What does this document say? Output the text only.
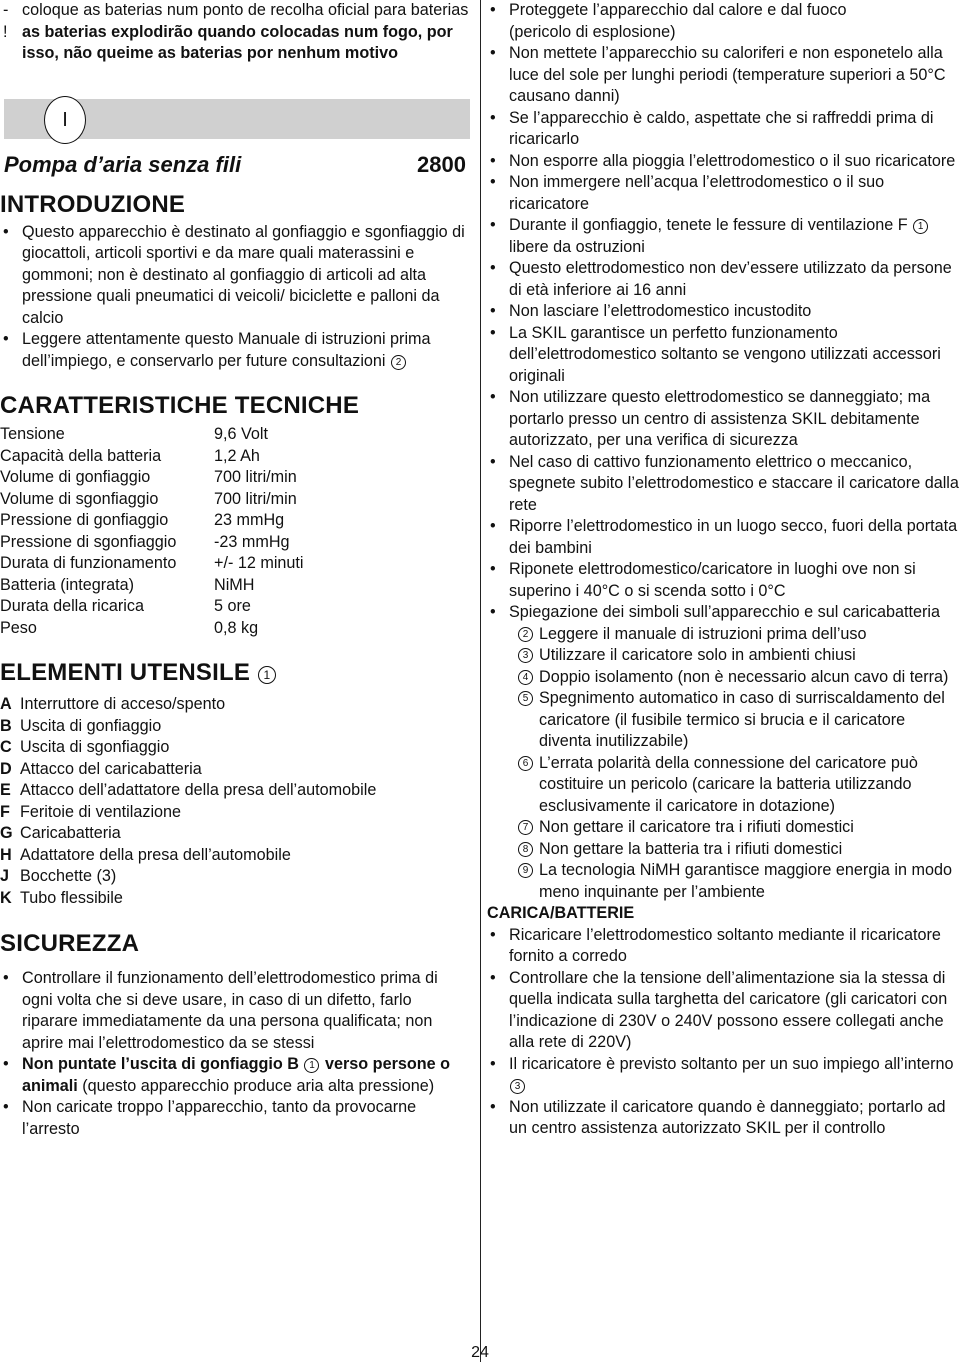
- coloque as baterias num ponto de recolha oficial para baterias
! as baterias explodirão quando colocadas num fogo, por isso, não queime as baterias por nenhum motivo
I
Pompa d’aria senza fili	2800
INTRODUZIONE
• Questo apparecchio è destinato al gonfiaggio e sgonfiaggio di giocattoli, articoli sportivi e da mare quali materassini e gommoni; non è destinato al gonfiaggio di articoli ad alta pressione quali pneumatici di veicoli/ biciclette e palloni da calcio
• Leggere attentamente questo Manuale di istruzioni prima dell’impiego, e conservarlo per future consultazioni 2
CARATTERISTICHE TECNICHE
Tensione	9,6 Volt
Capacità della batteria	1,2 Ah
Volume di gonfiaggio	700 litri/min
Volume di sgonfiaggio	700 litri/min
Pressione di gonfiaggio	23 mmHg
Pressione di sgonfiaggio	-23 mmHg
Durata di funzionamento	+/- 12 minuti
Batteria (integrata)	NiMH
Durata della ricarica	5 ore
Peso	0,8 kg
ELEMENTI UTENSILE 1
A Interruttore di acceso/spento
B Uscita di gonfiaggio
C Uscita di sgonfiaggio
D Attacco del caricabatteria
E Attacco dell’adattatore della presa dell’automobile
F Feritoie di ventilazione
G Caricabatteria
H Adattatore della presa dell’automobile
J Bocchette (3)
K Tubo flessibile
SICUREZZA
• Controllare il funzionamento dell’elettrodomestico prima di ogni volta che si deve usare, in caso di un difetto, farlo riparare immediatamente da una persona qualificata; non aprire mai l’elettrodomestico da se stessi
• Non puntate l’uscita di gonfiaggio B 1 verso persone o animali (questo apparecchio produce aria alta pressione)
• Non caricate troppo l’apparecchio, tanto da provocarne l’arresto
• Proteggete l’apparecchio dal calore e dal fuoco
(pericolo di esplosione)
• Non mettete l’apparecchio su caloriferi e non esponetelo alla luce del sole per lunghi periodi (temperature superiori a 50°C causano danni)
• Se l’apparecchio è caldo, aspettate che si raffreddi prima di ricaricarlo
• Non esporre alla pioggia l’elettrodomestico o il suo ricaricatore
• Non immergere nell’acqua l’elettrodomestico o il suo ricaricatore
• Durante il gonfiaggio, tenete le fessure di ventilazione F 1 libere da ostruzioni
• Questo elettrodomestico non dev’essere utilizzato da persone di età inferiore ai 16 anni
• Non lasciare l’elettrodomestico incustodito
• La SKIL garantisce un perfetto funzionamento dell’elettrodomestico soltanto se vengono utilizzati accessori originali
• Non utilizzare questo elettrodomestico se danneggiato; ma portarlo presso un centro di assistenza SKIL debitamente autorizzato, per una verifica di sicurezza
• Nel caso di cattivo funzionamento elettrico o meccanico, spegnete subito l’elettrodomestico e staccare il caricatore dalla rete
• Riporre l’elettrodomestico in un luogo secco, fuori della portata dei bambini
• Riponete elettrodomestico/caricatore in luoghi ove non si superino i 40°C o si scenda sotto i 0°C
• Spiegazione dei simboli sull’apparecchio e sul caricabatteria
2 Leggere il manuale di istruzioni prima dell’uso
3 Utilizzare il caricatore solo in ambienti chiusi
4 Doppio isolamento (non è necessario alcun cavo di terra)
5 Spegnimento automatico in caso di surriscaldamento del caricatore (il fusibile termico si brucia e il caricatore diventa inutilizzabile)
6 L’errata polarità della connessione del caricatore può costituire un pericolo (caricare la batteria utilizzando esclusivamente il caricatore in dotazione)
7 Non gettare il caricatore tra i rifiuti domestici
8 Non gettare la batteria tra i rifiuti domestici
9 La tecnologia NiMH garantisce maggiore energia in modo meno inquinante per l’ambiente
CARICA/BATTERIE
• Ricaricare l’elettrodomestico soltanto mediante il ricaricatore fornito a corredo
• Controllare che la tensione dell’alimentazione sia la stessa di quella indicata sulla targhetta del caricatore (gli caricatori con l’indicazione di 230V o 240V possono essere collegati anche alla rete di 220V)
• Il ricaricatore è previsto soltanto per un suo impiego all’interno 3
• Non utilizzate il caricatore quando è danneggiato; portarlo ad un centro assistenza autorizzato SKIL per il controllo
24
